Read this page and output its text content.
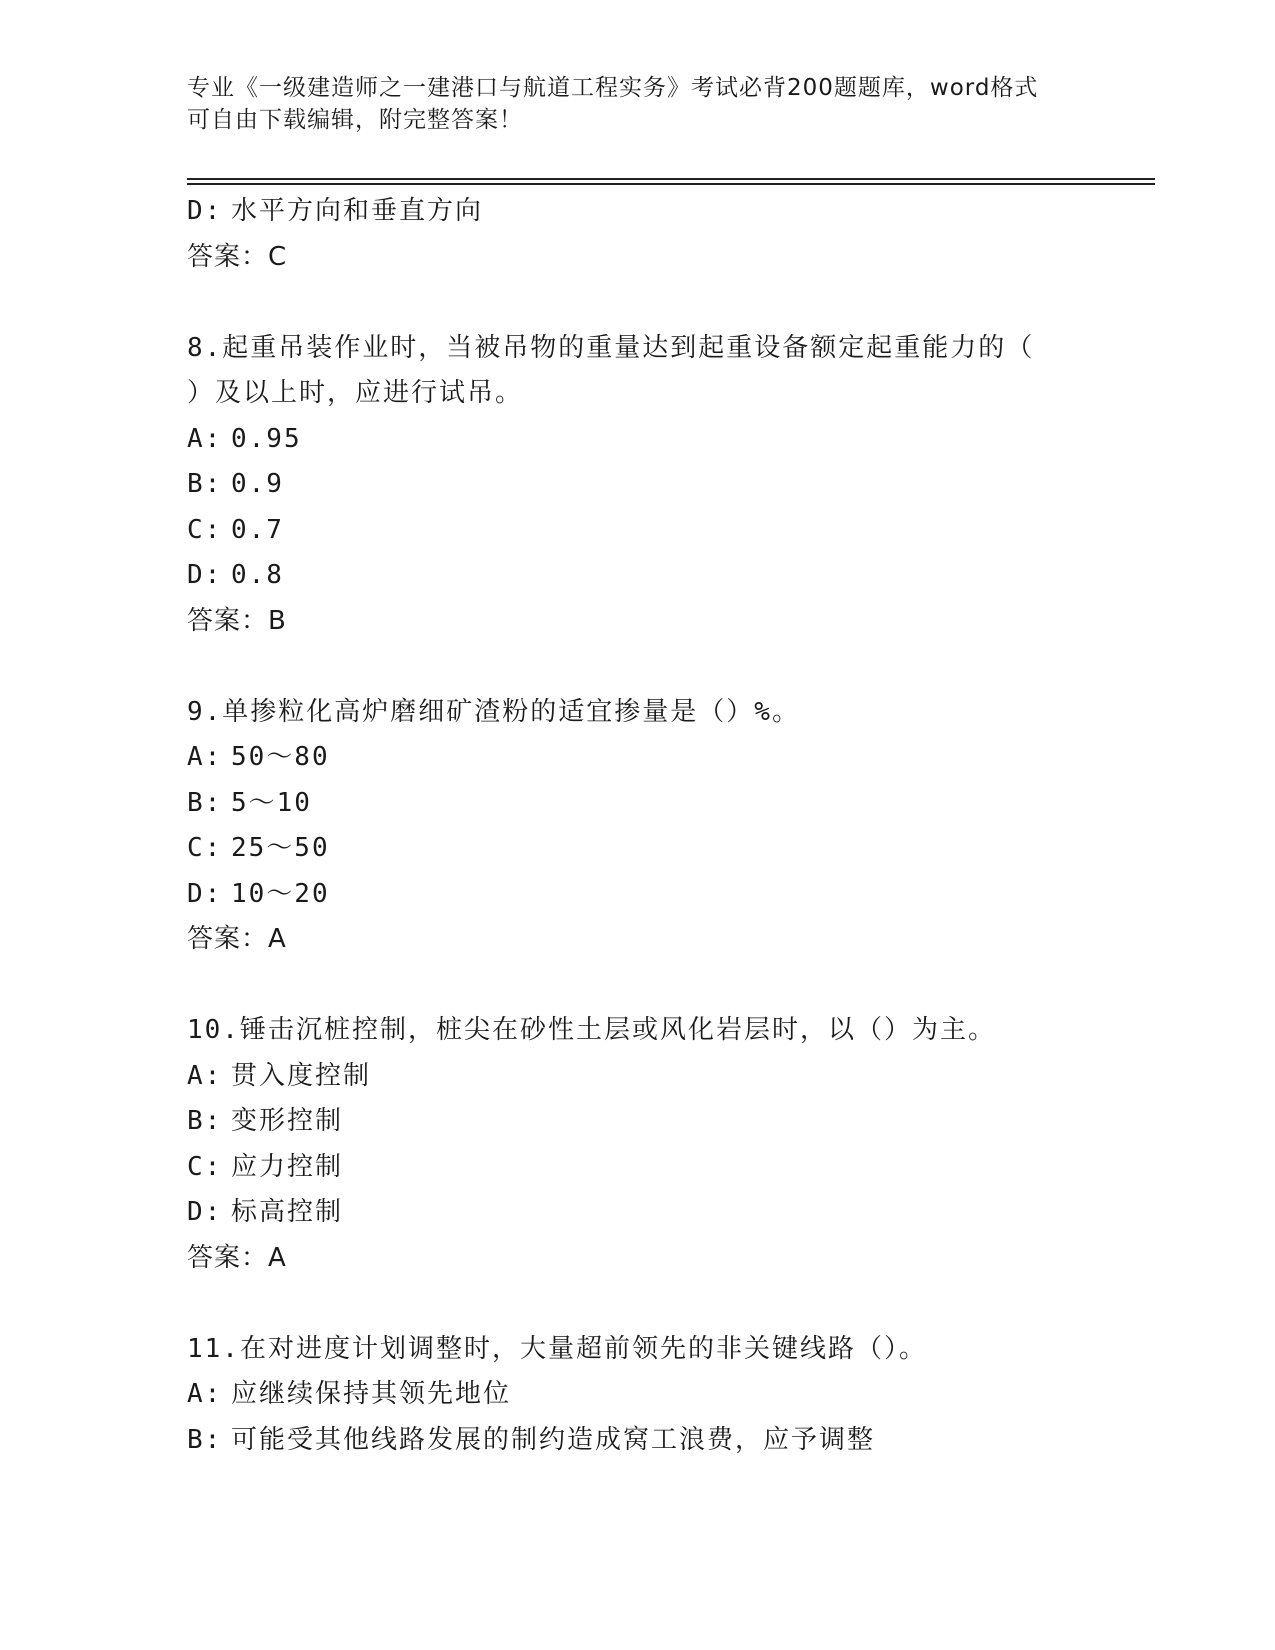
专业《一级建造师之一建港口与航道工程实务》考试必背200题题库，word格式
可自由下载编辑，附完整答案！
D: 水平方向和垂直方向
答案：C
8.起重吊装作业时，当被吊物的重量达到起重设备额定起重能力的（
）及以上时，应进行试吊。
A: 0.95
B: 0.9
C: 0.7
D: 0.8
答案：B
9.单掺粒化高炉磨细矿渣粉的适宜掺量是（）%。
A: 50～80
B: 5～10
C: 25～50
D: 10～20
答案：A
10.锤击沉桩控制，桩尖在砂性土层或风化岩层时，以（）为主。
A: 贯入度控制
B: 变形控制
C: 应力控制
D: 标高控制
答案：A
11.在对进度计划调整时，大量超前领先的非关键线路（）。
A: 应继续保持其领先地位
B: 可能受其他线路发展的制约造成窝工浪费，应予调整
